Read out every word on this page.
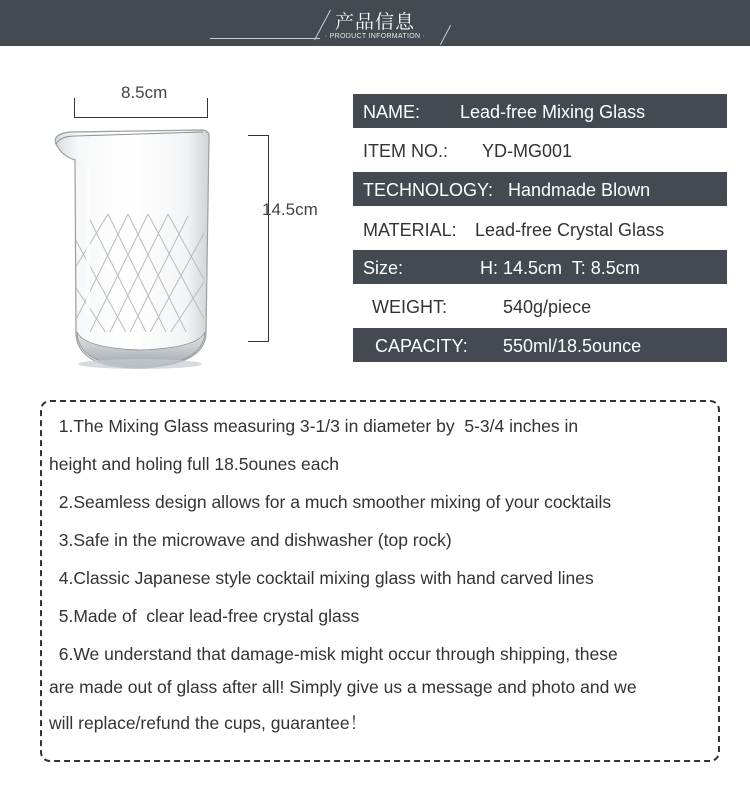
产品信息
· PRODUCT INFORMATION ·
8.5cm
14.5cm
NAME: Lead-free Mixing Glass
ITEM NO.: YD-MG001
TECHNOLOGY: Handmade Blown
MATERIAL: Lead-free Crystal Glass
Size:	H: 14.5cm  T: 8.5cm
WEIGHT:	540g/piece
CAPACITY: 550ml/18.5ounce
1.The Mixing Glass measuring 3-1/3 in diameter by  5-3/4 inches in
height and holing full 18.5ounes each
2.Seamless design allows for a much smoother mixing of your cocktails
3.Safe in the microwave and dishwasher (top rock)
4.Classic Japanese style cocktail mixing glass with hand carved lines
5.Made of  clear lead-free crystal glass
6.We understand that damage-misk might occur through shipping, these
are made out of glass after all! Simply give us a message and photo and we
will replace/refund the cups, guarantee！
